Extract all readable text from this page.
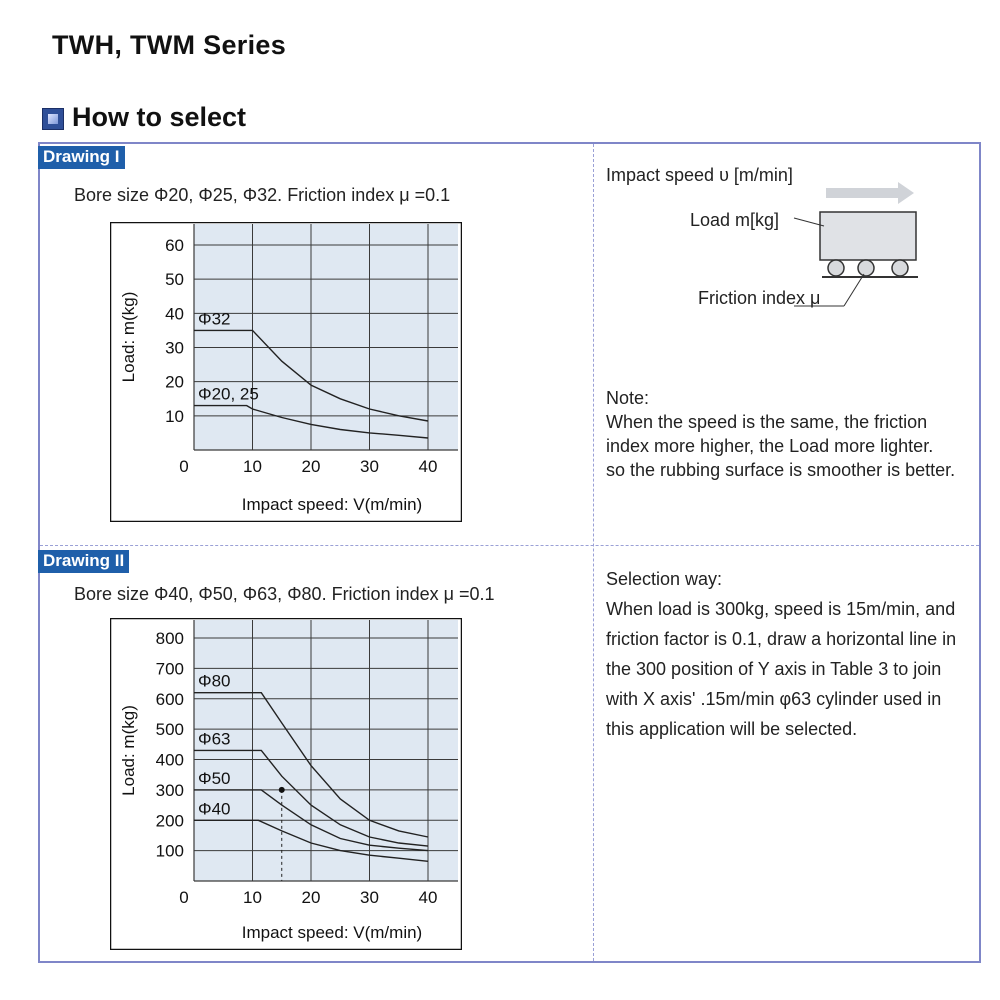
TWH, TWM Series
How to select
Drawing I
Bore size Φ20, Φ25, Φ32. Friction index μ =0.1
0	10 20 30 40
10
20
30
40
50
60
Impact speed: V(m/min)
Load: m(kg)	Φ32
Φ20, 25
Drawing II
Bore size Φ40, Φ50, Φ63, Φ80. Friction index μ =0.1
0	10 20 30 40
100
200
300
400
500
600
700
800
Impact speed: V(m/min)
Load: m(kg)
Φ80
Φ63
Φ50
Φ40
Impact speed υ [m/min]
Load m[kg]
Friction index μ
Note:
When the speed is the same, the friction
index more higher, the Load more lighter.
so the rubbing surface is smoother is better.
Selection way:
When load is 300kg, speed is 15m/min, and
friction factor is 0.1, draw a horizontal line in
the 300 position of Y axis in Table 3 to join
with X axis' .15m/min φ63 cylinder used in
this application will be selected.
